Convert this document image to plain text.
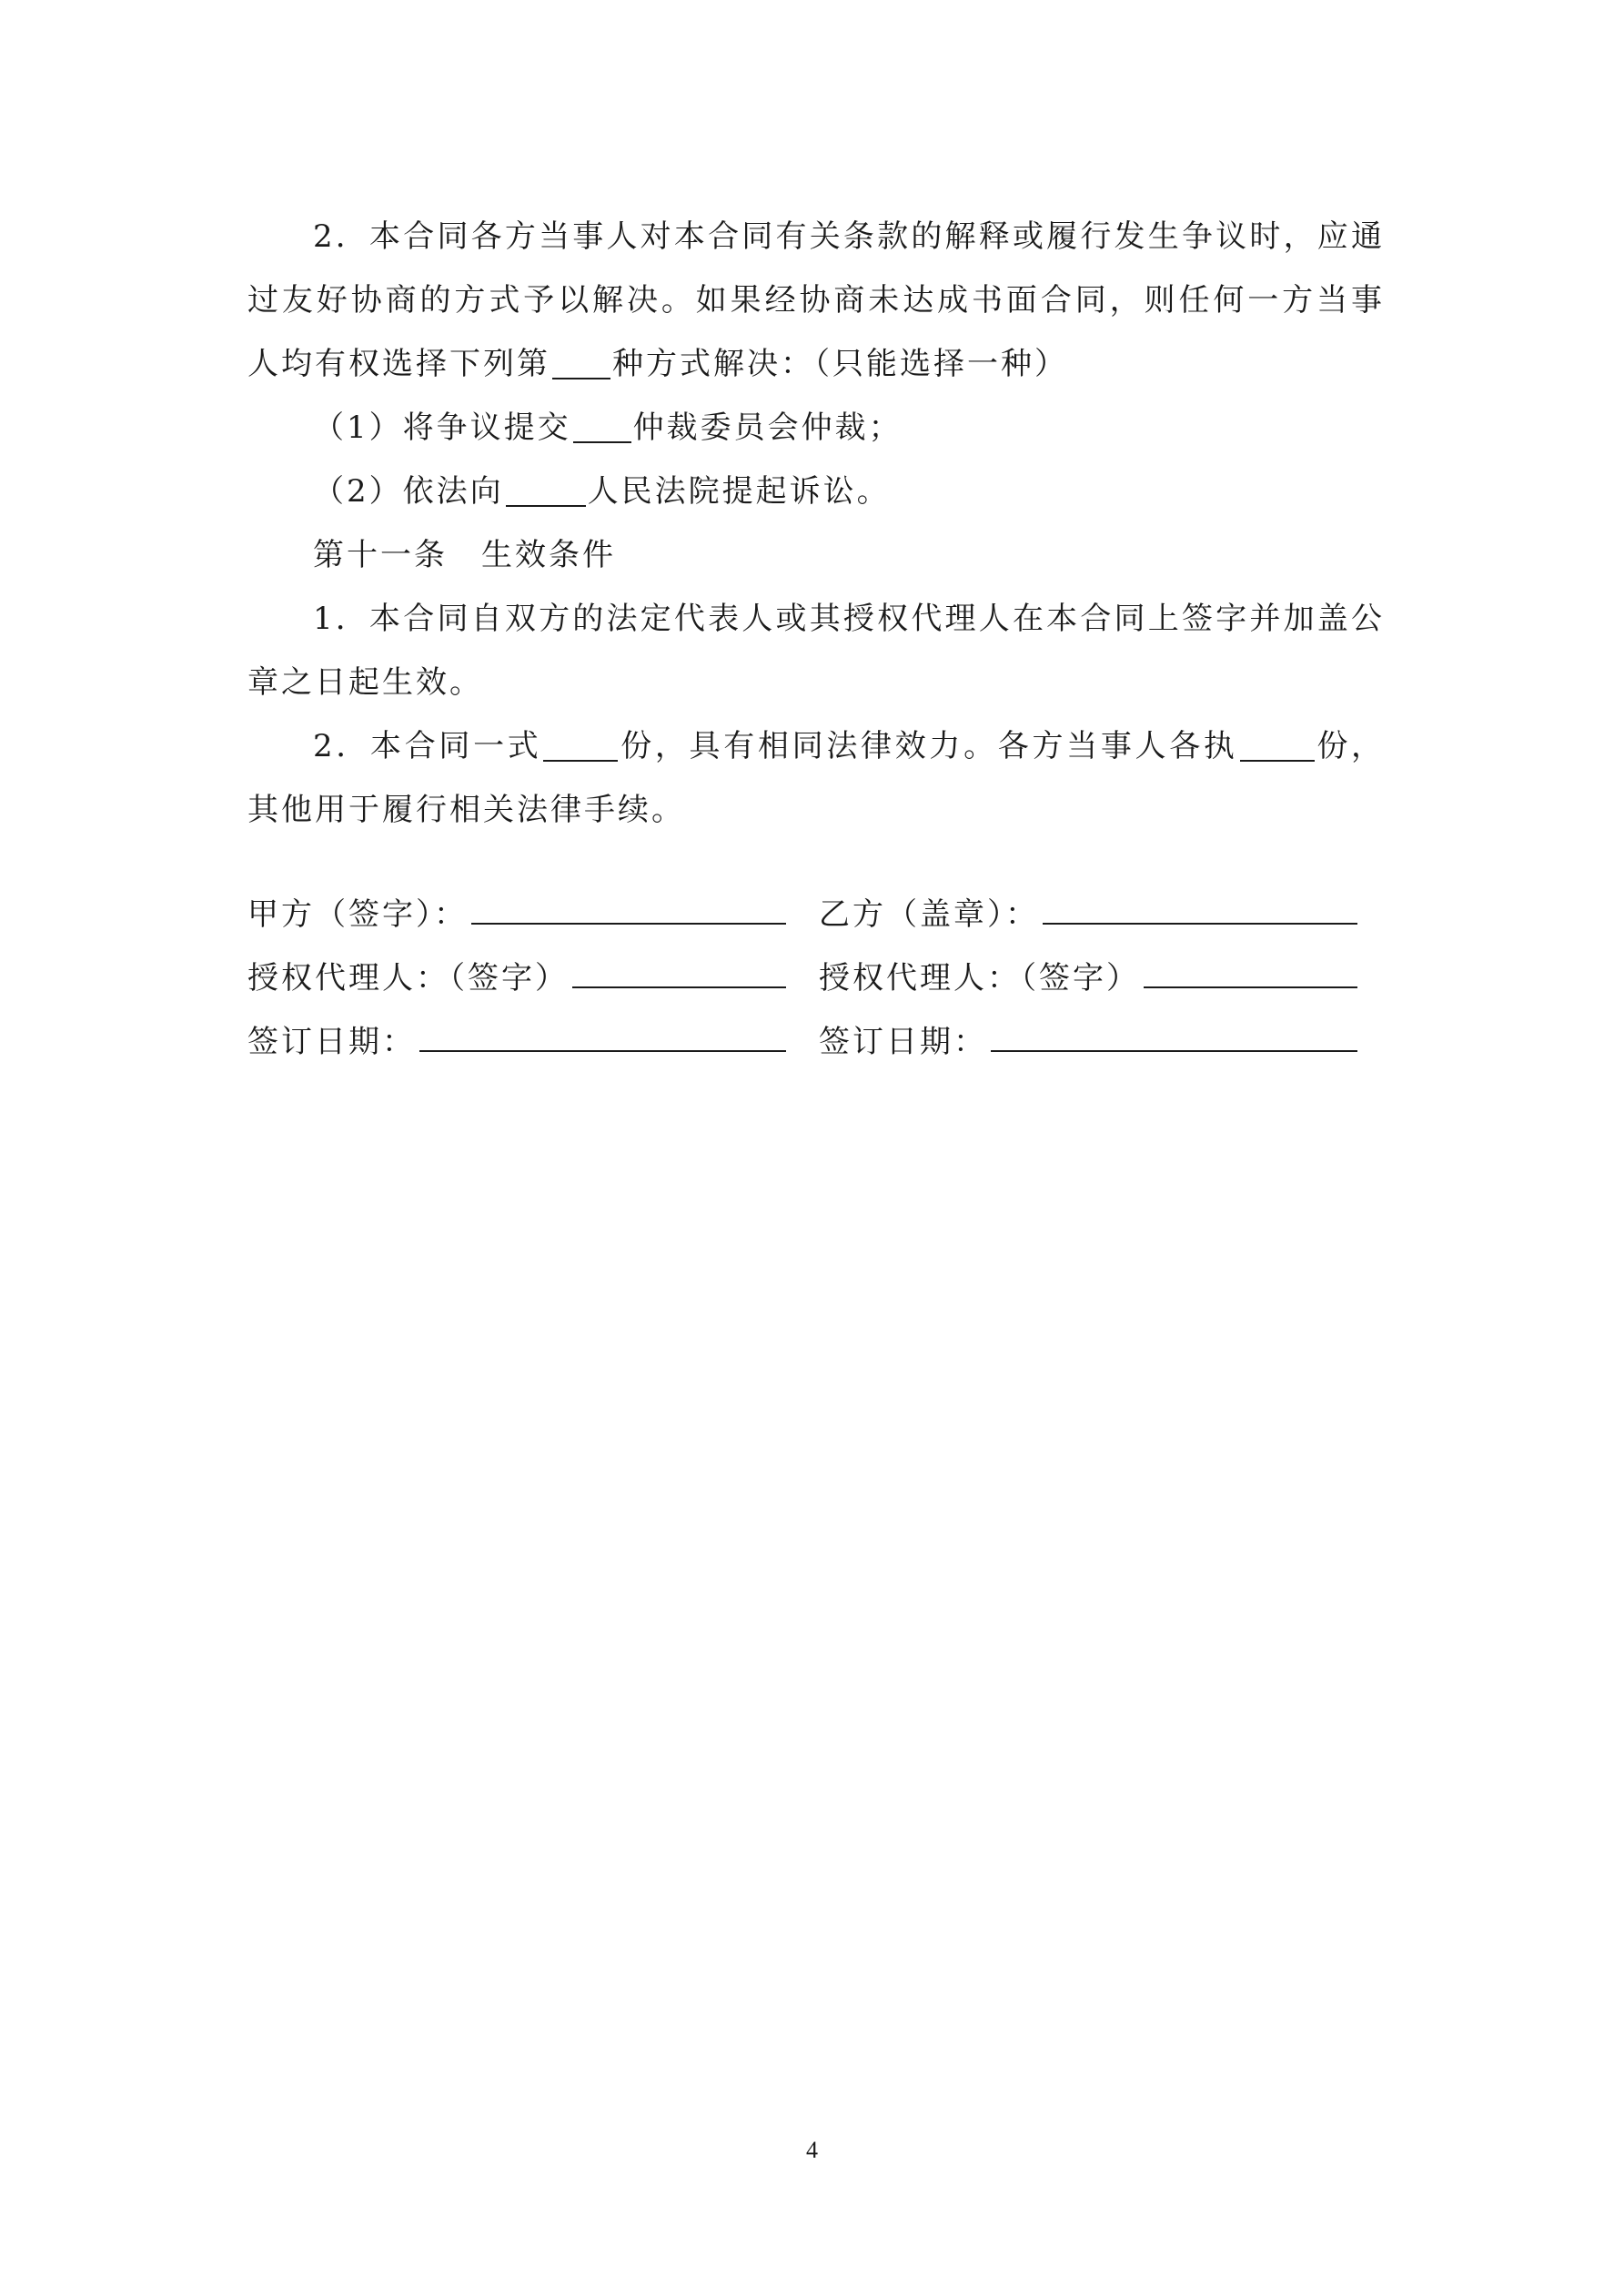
2．本合同各方当事人对本合同有关条款的解释或履行发生争议时，应通过友好协商的方式予以解决。如果经协商未达成书面合同，则任何一方当事人均有权选择下列第 种方式解决：（只能选择一种）

（1）将争议提交 仲裁委员会仲裁；

（2）依法向	人民法院提起诉讼。

第十一条　生效条件

1．本合同自双方的法定代表人或其授权代理人在本合同上签字并加盖公章之日起生效。

2．本合同一式	份，具有相同法律效力。各方当事人各执	份，其他用于履行相关法律手续。

甲方（签字）：	乙方（盖章）：
授权代理人：（签字）	授权代理人：（签字）
签订日期：	签订日期：
4
